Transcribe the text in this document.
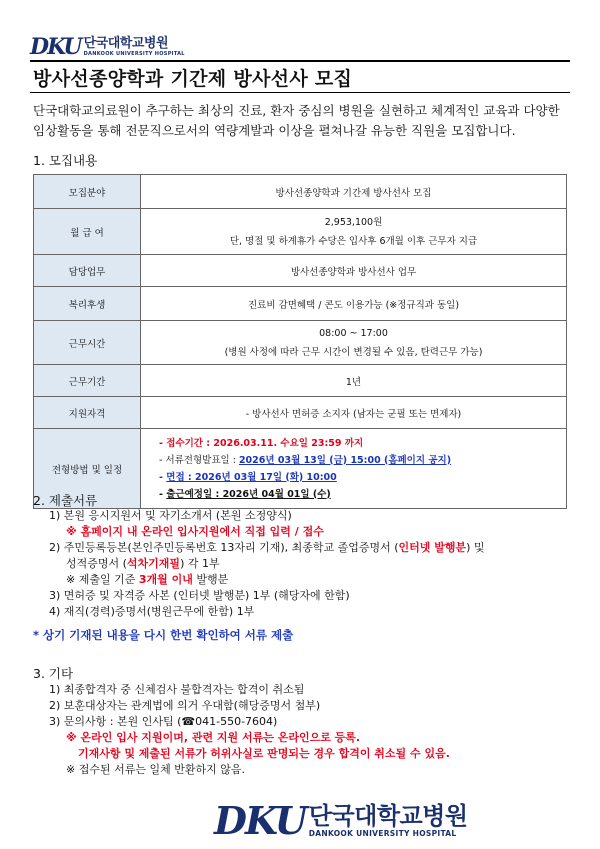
DKU 단국대학교병원
DANKOOK UNIVERSITY HOSPITAL
방사선종양학과 기간제 방사선사 모집
단국대학교의료원이 추구하는 최상의 진료, 환자 중심의 병원을 실현하고 체계적인 교육과 다양한 임상활동을 통해 전문직으로서의 역량계발과 이상을 펼쳐나갈 유능한 직원을 모집합니다.
1. 모집내용
모집분야	방사선종양학과 기간제 방사선사 모집
월 급 여	2,953,100원
단, 명절 및 하계휴가 수당은 입사후 6개월 이후 근무자 지급

담당업무	방사선종양학과 방사선사 업무
복리후생	진료비 감면혜택 / 콘도 이용가능 (※정규직과 동일)
근무시간	08:00 ~ 17:00
(병원 사정에 따라 근무 시간이 변경될 수 있음, 탄력근무 가능)

근무기간	1년
지원자격	- 방사선사 면허증 소지자 (남자는 군필 또는 면제자)
전형방법 및 일정	- 접수기간 : 2026.03.11. 수요일 23:59 까지
- 서류전형발표일 : 2026년 03월 13일 (금) 15:00 (홈페이지 공지)
- 면접 : 2026년 03월 17일 (화) 10:00
- 출근예정일 : 2026년 04월 01일 (수)
2. 제출서류
1) 본원 응시지원서 및 자기소개서 (본원 소정양식)
※ 홈페이지 내 온라인 입사지원에서 직접 입력 / 접수
2) 주민등록등본(본인주민등록번호 13자리 기재), 최종학교 졸업증명서 (인터넷 발행분) 및
성적증명서 (석차기재필) 각 1부
※ 제출일 기준 3개월 이내 발행분
3) 면허증 및 자격증 사본 (인터넷 발행분) 1부 (해당자에 한함)
4) 재직(경력)증명서(병원근무에 한함) 1부
* 상기 기재된 내용을 다시 한번 확인하여 서류 제출
3. 기타
1) 최종합격자 중 신체검사 불합격자는 합격이 취소됨
2) 보훈대상자는 관계법에 의거 우대함(해당증명서 첨부)
3) 문의사항 : 본원 인사팀 (☎041-550-7604)
※ 온라인 입사 지원이며, 관련 지원 서류는 온라인으로 등록.
기재사항 및 제출된 서류가 허위사실로 판명되는 경우 합격이 취소될 수 있음.
※ 접수된 서류는 일체 반환하지 않음.
DKU 단국대학교병원
DANKOOK UNIVERSITY HOSPITAL
